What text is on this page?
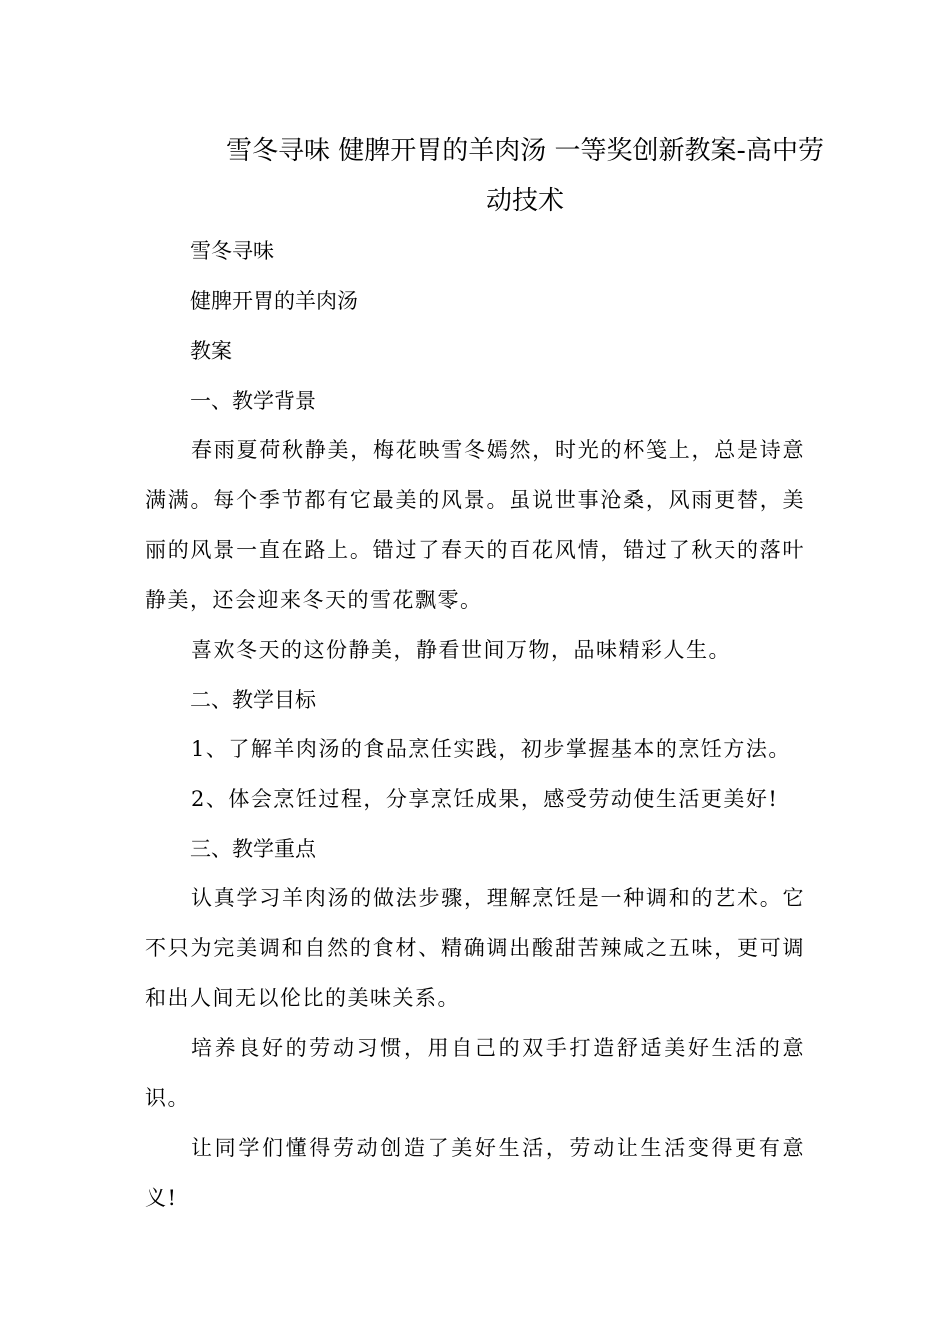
雪冬寻味 健脾开胃的羊肉汤 一等奖创新教案-高中劳
动技术
雪冬寻味
健脾开胃的羊肉汤
教案
一、教学背景
春雨夏荷秋静美，梅花映雪冬嫣然，时光的杯笺上，总是诗意满满。每个季节都有它最美的风景。虽说世事沧桑，风雨更替，美丽的风景一直在路上。错过了春天的百花风情，错过了秋天的落叶静美，还会迎来冬天的雪花飘零。
喜欢冬天的这份静美，静看世间万物，品味精彩人生。
二、教学目标
1、了解羊肉汤的食品烹任实践，初步掌握基本的烹饪方法。
2、体会烹饪过程，分享烹饪成果，感受劳动使生活更美好!
三、教学重点
认真学习羊肉汤的做法步骤，理解烹饪是一种调和的艺术。它不只为完美调和自然的食材、精确调出酸甜苦辣咸之五味，更可调和出人间无以伦比的美味关系。
培养良好的劳动习惯，用自己的双手打造舒适美好生活的意识。
让同学们懂得劳动创造了美好生活，劳动让生活变得更有意义!
